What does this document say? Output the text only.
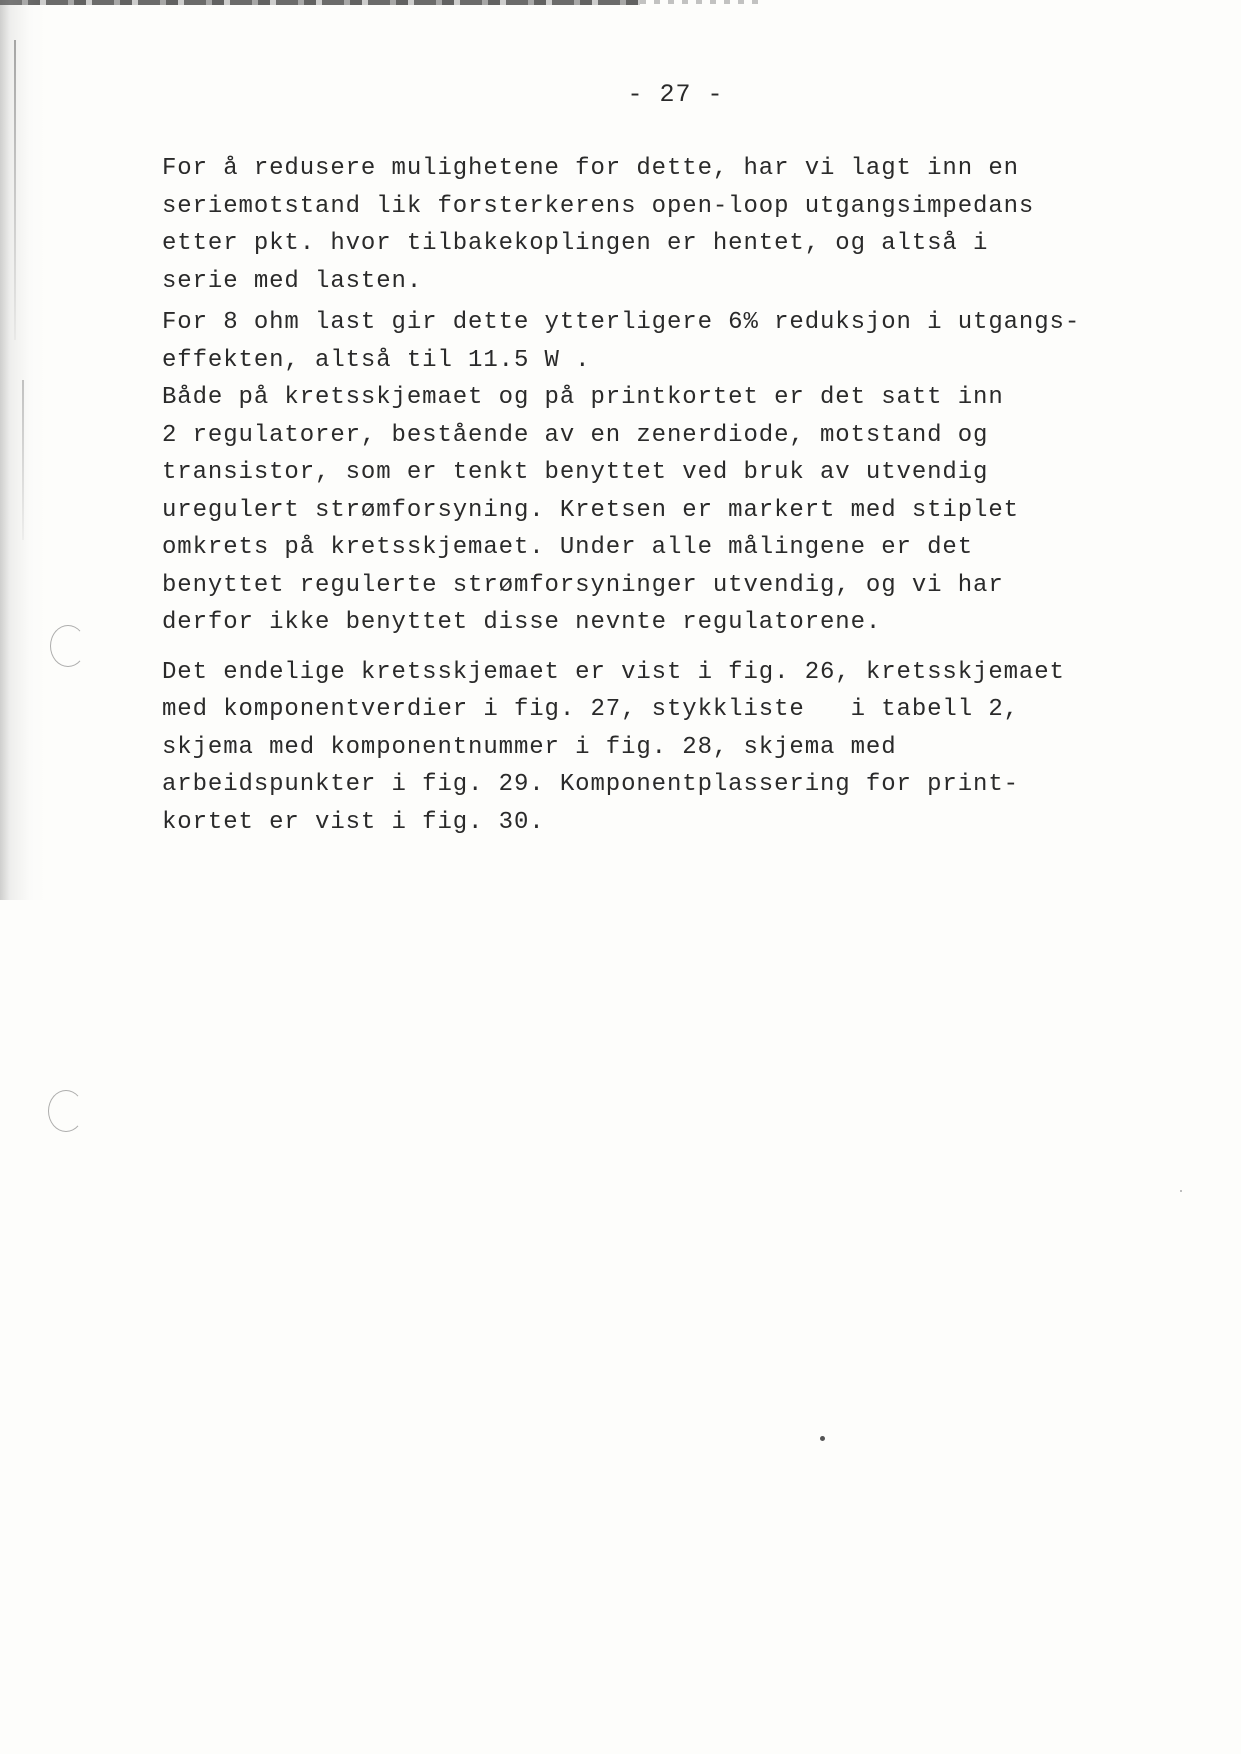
- 27 -
For å redusere mulighetene for dette, har vi lagt inn en
seriemotstand lik forsterkerens open-loop utgangsimpedans
etter pkt. hvor tilbakekoplingen er hentet, og altså i
serie med lasten.
For 8 ohm last gir dette ytterligere 6% reduksjon i utgangs-
effekten, altså til 11.5 W .
Både på kretsskjemaet og på printkortet er det satt inn
2 regulatorer, bestående av en zenerdiode, motstand og
transistor, som er tenkt benyttet ved bruk av utvendig
uregulert strømforsyning. Kretsen er markert med stiplet
omkrets på kretsskjemaet. Under alle målingene er det
benyttet regulerte strømforsyninger utvendig, og vi har
derfor ikke benyttet disse nevnte regulatorene.
Det endelige kretsskjemaet er vist i fig. 26, kretsskjemaet
med komponentverdier i fig. 27, stykkliste   i tabell 2,
skjema med komponentnummer i fig. 28, skjema med
arbeidspunkter i fig. 29. Komponentplassering for print-
kortet er vist i fig. 30.
